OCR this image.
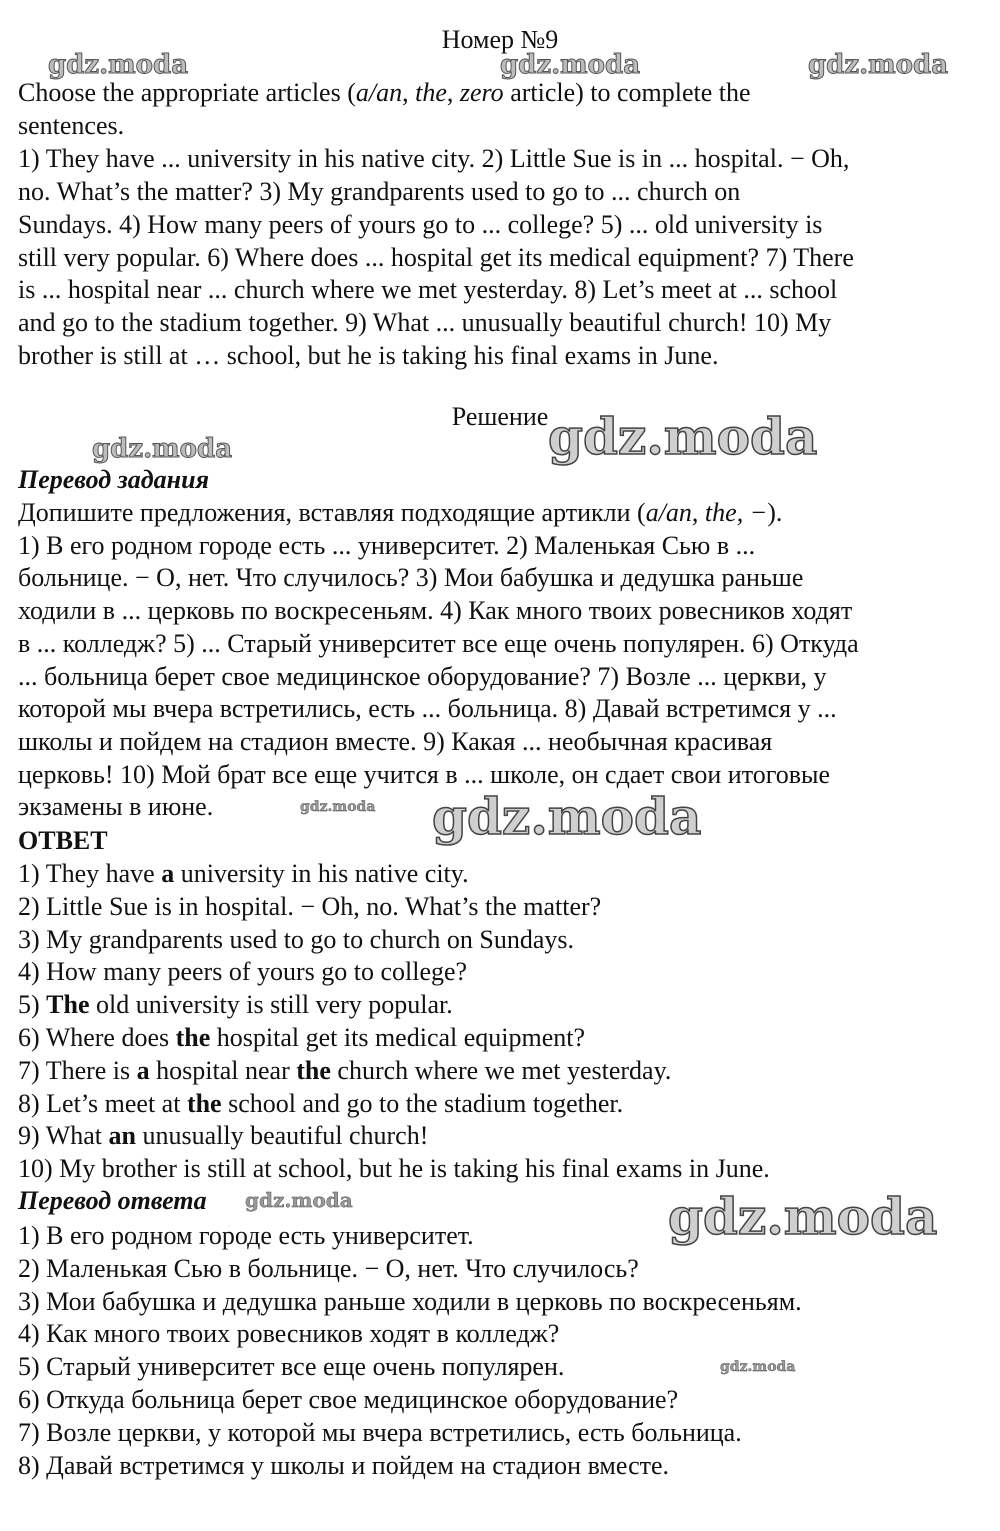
Номер №9
gdz.moda	gdz.moda	gdz.moda
Choose the appropriate articles (a/an, the, zero article) to complete the
sentences.
1) They have ... university in his native city. 2) Little Sue is in ... hospital. − Oh,
no. What’s the matter? 3) My grandparents used to go to ... church on
Sundays. 4) How many peers of yours go to ... college? 5) ... old university is
still very popular. 6) Where does ... hospital get its medical equipment? 7) There
is ... hospital near ... church where we met yesterday. 8) Let’s meet at ... school
and go to the stadium together. 9) What ... unusually beautiful church! 10) My
brother is still at … school, but he is taking his final exams in June.
Решение gdz.moda
gdz.moda
Перевод задания
Допишите предложения, вставляя подходящие артикли (a/an, the, −).
1) В его родном городе есть ... университет. 2) Маленькая Сью в ...
больнице. − О, нет. Что случилось? 3) Мои бабушка и дедушка раньше
ходили в ... церковь по воскресеньям. 4) Как много твоих ровесников ходят
в ... колледж? 5) ... Старый университет все еще очень популярен. 6) Откуда
... больница берет свое медицинское оборудование? 7) Возле ... церкви, у
которой мы вчера встретились, есть ... больница. 8) Давай встретимся у ...
школы и пойдем на стадион вместе. 9) Какая ... необычная красивая
церковь! 10) Мой брат все еще учится в ... школе, он сдает свои итоговые
экзамены в июне.	gdz.moda gdz.moda
ОТВЕТ
1) They have a university in his native city.
2) Little Sue is in hospital. − Oh, no. What’s the matter?
3) My grandparents used to go to church on Sundays.
4) How many peers of yours go to college?
5) The old university is still very popular.
6) Where does the hospital get its medical equipment?
7) There is a hospital near the church where we met yesterday.
8) Let’s meet at the school and go to the stadium together.
9) What an unusually beautiful church!
10) My brother is still at school, but he is taking his final exams in June.
Перевод ответа gdz.moda	gdz.moda
1) В его родном городе есть университет.
2) Маленькая Сью в больнице. − О, нет. Что случилось?
3) Мои бабушка и дедушка раньше ходили в церковь по воскресеньям.
4) Как много твоих ровесников ходят в колледж?
5) Старый университет все еще очень популярен.
6) Откуда больница берет свое медицинское оборудование?
7) Возле церкви, у которой мы вчера встретились, есть больница.
8) Давай встретимся у школы и пойдем на стадион вместе.
gdz.moda
